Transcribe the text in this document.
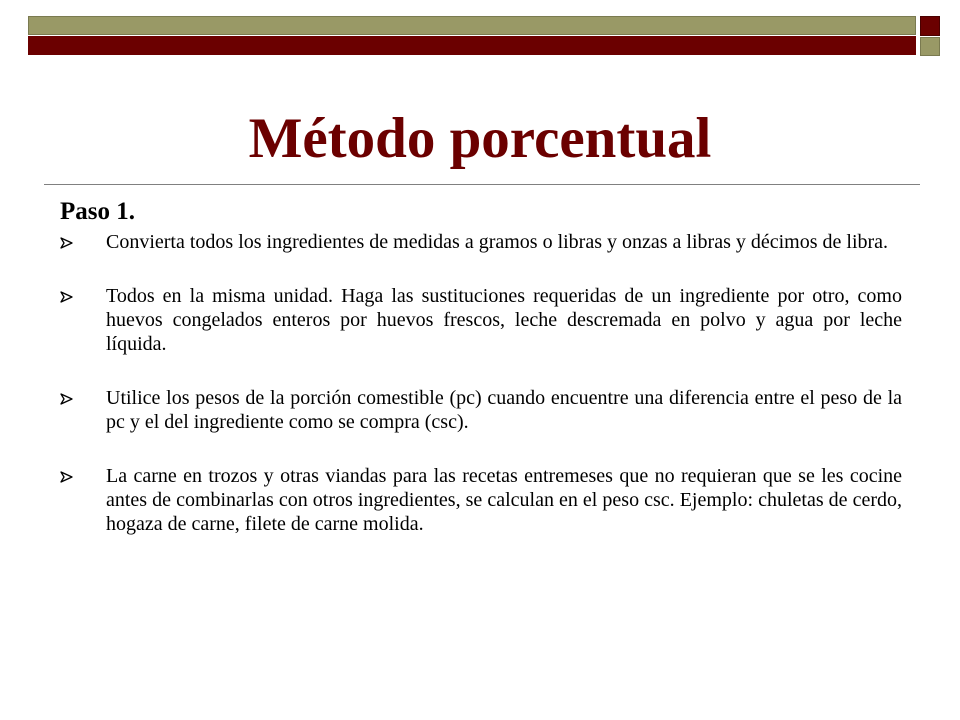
Método porcentual
Paso 1.
Convierta todos los ingredientes de medidas a gramos o libras y onzas a libras y décimos de libra.
Todos en la misma unidad. Haga las sustituciones requeridas de un ingrediente por otro, como huevos congelados enteros por huevos frescos, leche descremada en polvo y agua por leche líquida.
Utilice los pesos de la porción comestible (pc) cuando encuentre una diferencia entre el peso de la pc y el del ingrediente como se compra (csc).
La carne en trozos y otras viandas para las recetas entremeses que no requieran que se les cocine antes de combinarlas con otros ingredientes, se calculan en el peso csc. Ejemplo: chuletas de cerdo, hogaza de carne, filete de carne molida.
